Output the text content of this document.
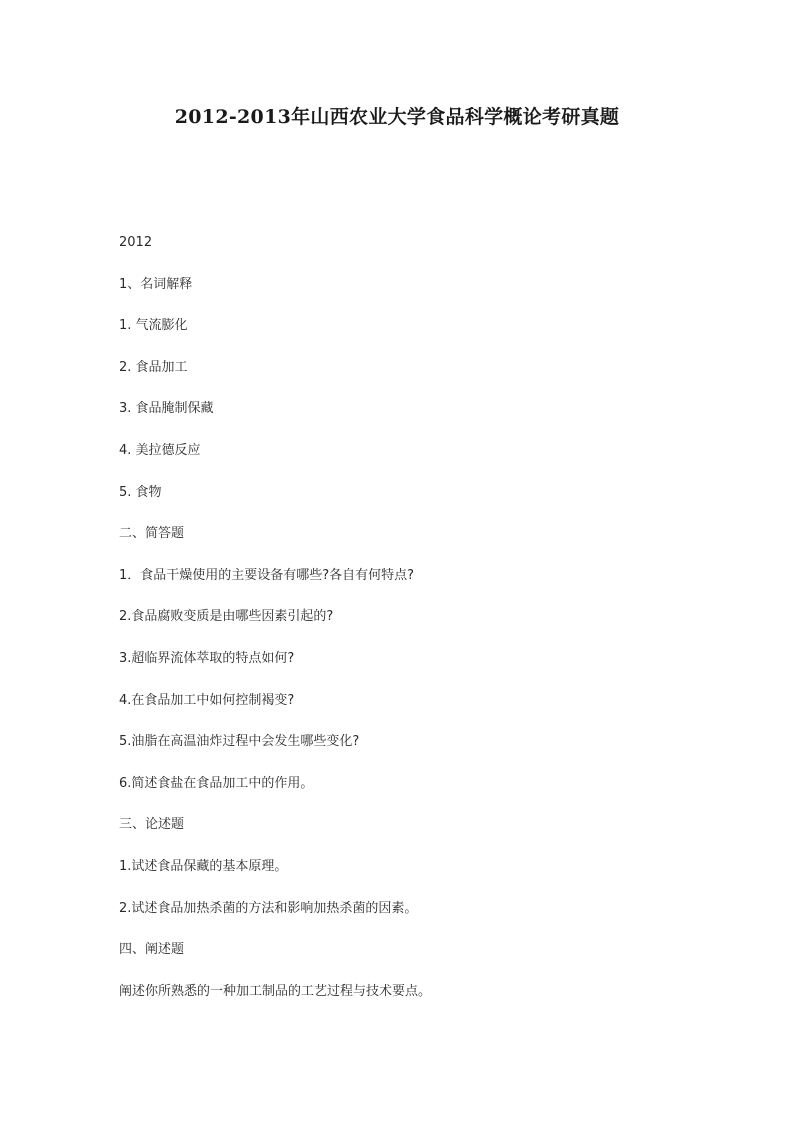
2012-2013年山西农业大学食品科学概论考研真题
2012
1、名词解释
1. 气流膨化
2. 食品加工
3. 食品腌制保藏
4. 美拉德反应
5. 食物
二、简答题
1．食品干燥使用的主要设备有哪些?各自有何特点?
2.食品腐败变质是由哪些因素引起的?
3.超临界流体萃取的特点如何?
4.在食品加工中如何控制褐变?
5.油脂在高温油炸过程中会发生哪些变化?
6.简述食盐在食品加工中的作用。
三、论述题
1.试述食品保藏的基本原理。
2.试述食品加热杀菌的方法和影响加热杀菌的因素。
四、阐述题
阐述你所熟悉的一种加工制品的工艺过程与技术要点。
